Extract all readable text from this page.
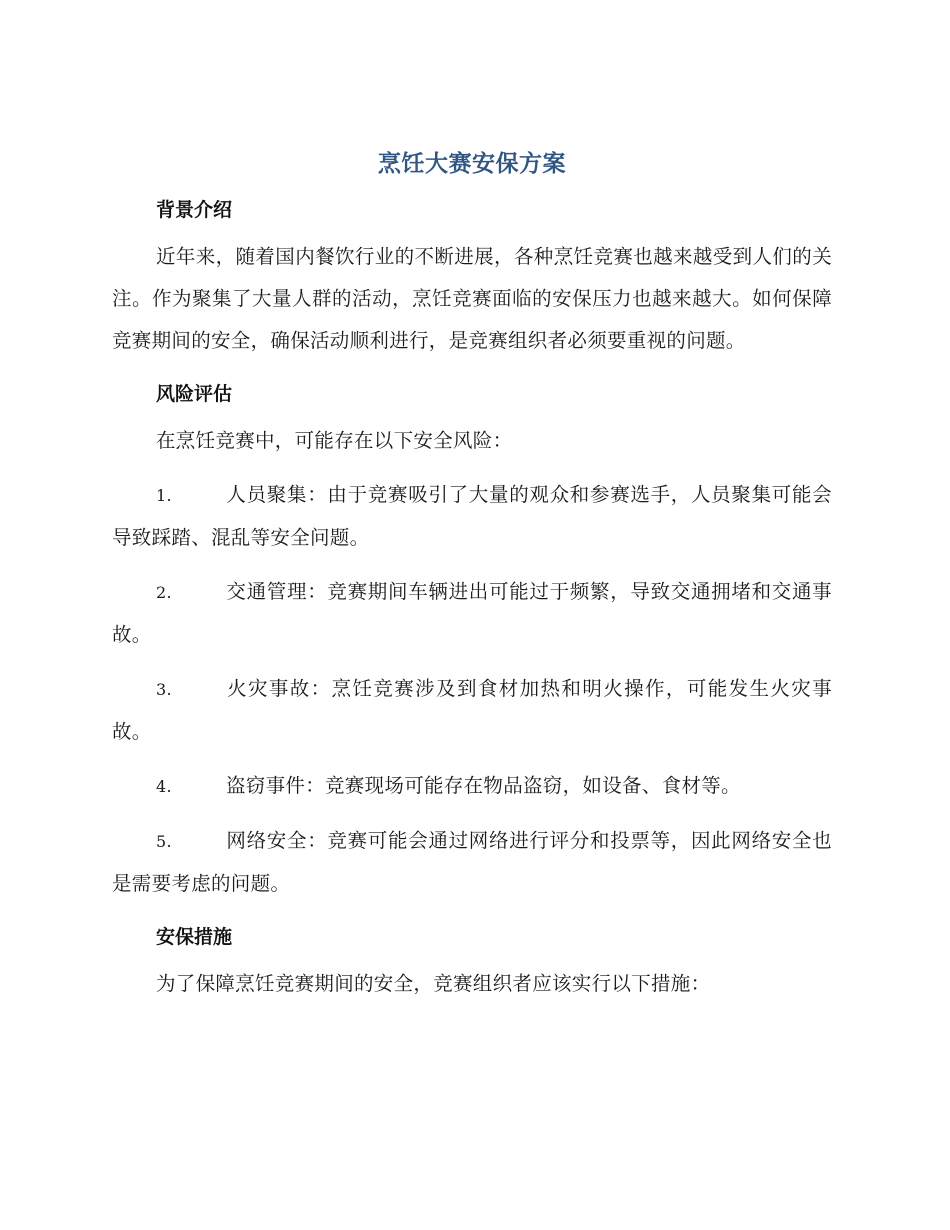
烹饪大赛安保方案
背景介绍

近年来，随着国内餐饮行业的不断进展，各种烹饪竞赛也越来越受到人们的关注。作为聚集了大量人群的活动，烹饪竞赛面临的安保压力也越来越大。如何保障竞赛期间的安全，确保活动顺利进行，是竞赛组织者必须要重视的问题。

风险评估

在烹饪竞赛中，可能存在以下安全风险：

1.	人员聚集：由于竞赛吸引了大量的观众和参赛选手，人员聚集可能会导致踩踏、混乱等安全问题。

2.	交通管理：竞赛期间车辆进出可能过于频繁，导致交通拥堵和交通事故。

3.	火灾事故：烹饪竞赛涉及到食材加热和明火操作，可能发生火灾事故。

4.	盗窃事件：竞赛现场可能存在物品盗窃，如设备、食材等。

5.	网络安全：竞赛可能会通过网络进行评分和投票等，因此网络安全也是需要考虑的问题。

安保措施

为了保障烹饪竞赛期间的安全，竞赛组织者应该实行以下措施：
